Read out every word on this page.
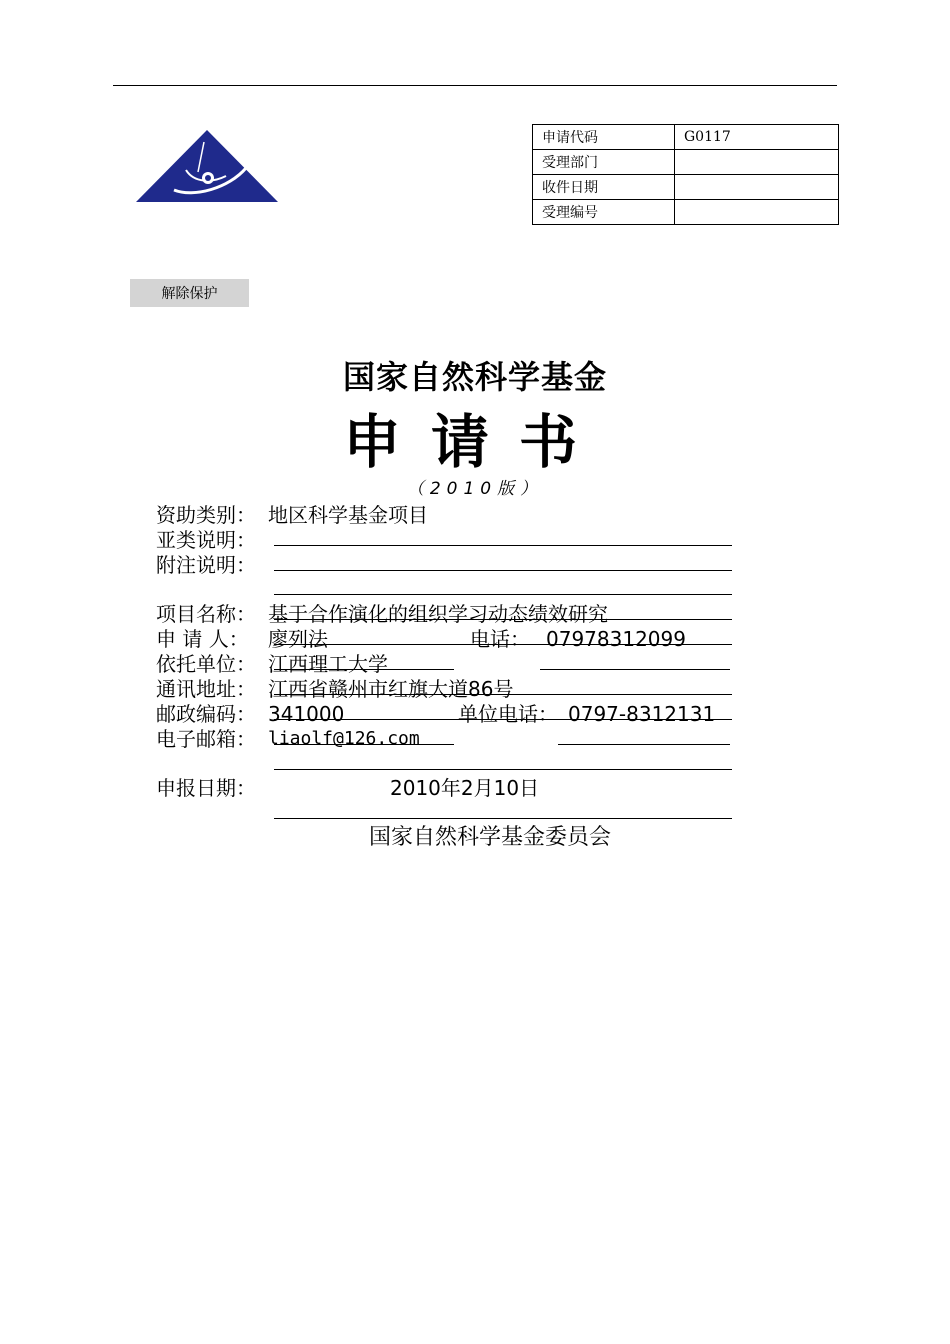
申请代码	G0117
受理部门	
收件日期	
受理编号	
解除保护
国家自然科学基金
申请书
（2010版）
资助类别： 地区科学基金项目
亚类说明：
附注说明：
项目名称： 基于合作演化的组织学习动态绩效研究
申 请 人： 廖列法	电话： 07978312099
依托单位： 江西理工大学
通讯地址： 江西省赣州市红旗大道86号
邮政编码： 341000	单位电话： 0797-8312131
电子邮箱： liaolf@126.com
申报日期：	2010年2月10日
国家自然科学基金委员会
